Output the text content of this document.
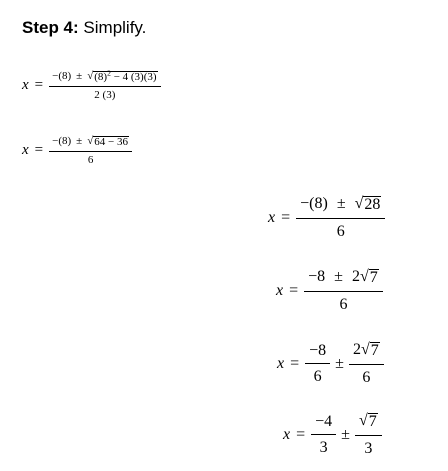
Step 4: Simplify.
$x = \frac{-(8) \pm √ (8)^2 - 4 (3)(3)}{2 (3)}$
$x = \frac{-(8) \pm √ 64 - 36}{6}$
$x = \frac{-(8) \pm √ 28}{6}$
$x = \frac{-8 \pm 2 √ 7}{6}$
$x = \frac{-8}{6} \pm \frac{2 √ 7}{6}$
$x = \frac{-4}{3} \pm \frac{√ 7}{3}$
